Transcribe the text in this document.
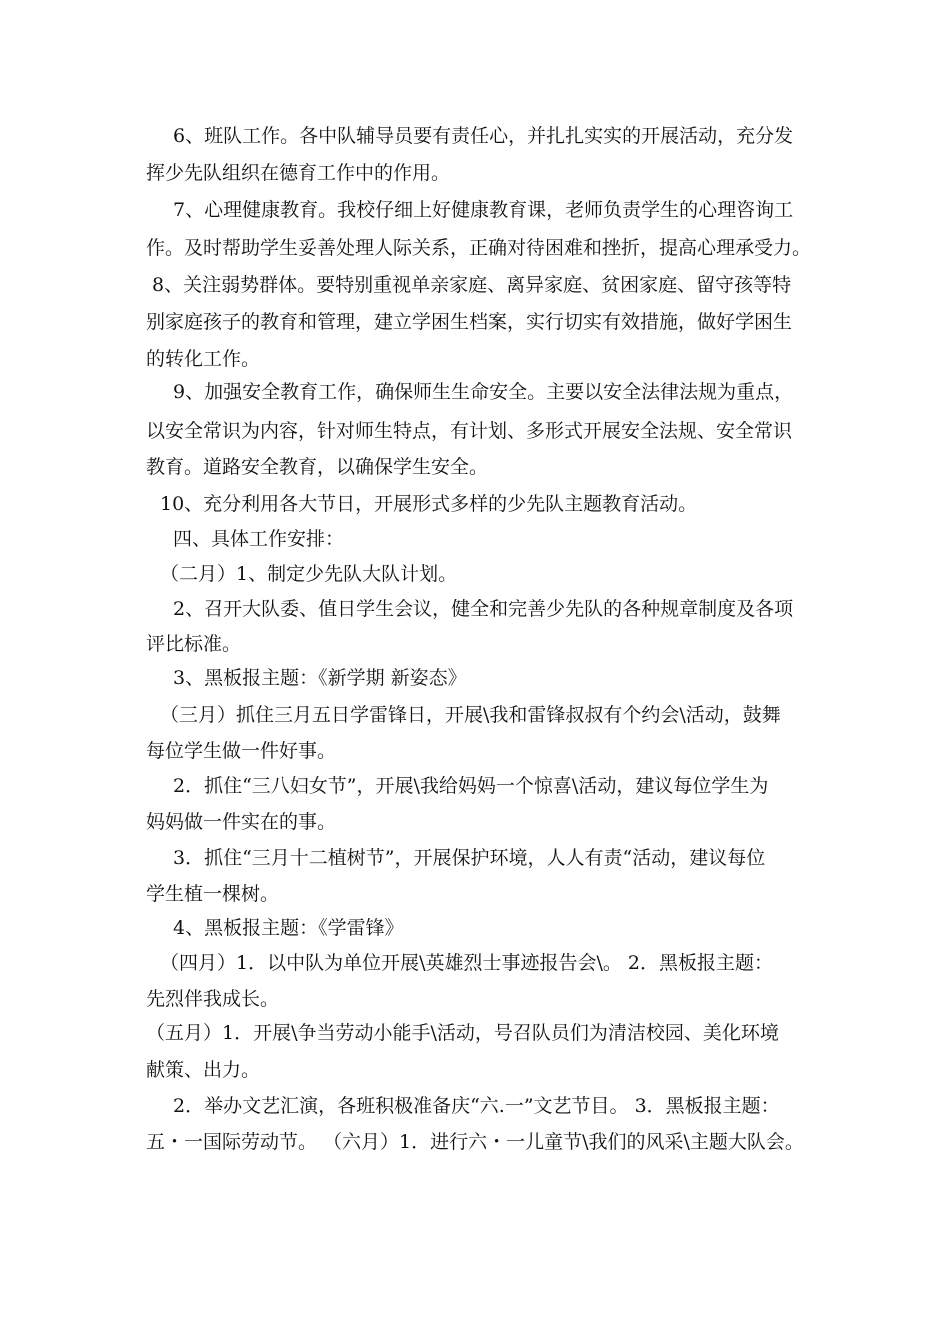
6、班队工作。各中队辅导员要有责任心，并扎扎实实的开展活动，充分发
挥少先队组织在德育工作中的作用。
7、心理健康教育。我校仔细上好健康教育课，老师负责学生的心理咨询工
作。及时帮助学生妥善处理人际关系，正确对待困难和挫折，提高心理承受力。
8、关注弱势群体。要特别重视单亲家庭、离异家庭、贫困家庭、留守孩等特
别家庭孩子的教育和管理，建立学困生档案，实行切实有效措施，做好学困生
的转化工作。
9、加强安全教育工作，确保师生生命安全。主要以安全法律法规为重点，
以安全常识为内容，针对师生特点，有计划、多形式开展安全法规、安全常识
教育。道路安全教育，以确保学生安全。
10、充分利用各大节日，开展形式多样的少先队主题教育活动。
四、具体工作安排：
（二月）1、制定少先队大队计划。
2、召开大队委、值日学生会议，健全和完善少先队的各种规章制度及各项
评比标准。
3、黑板报主题：《新学期 新姿态》
（三月）抓住三月五日学雷锋日，开展\我和雷锋叔叔有个约会\活动，鼓舞
每位学生做一件好事。
2．抓住“三八妇女节”，开展\我给妈妈一个惊喜\活动，建议每位学生为
妈妈做一件实在的事。
3．抓住“三月十二植树节”，开展保护环境，人人有责“活动，建议每位
学生植一棵树。
4、黑板报主题：《学雷锋》
（四月）1．以中队为单位开展\英雄烈士事迹报告会\。 2．黑板报主题：
先烈伴我成长。
（五月）1．开展\争当劳动小能手\活动，号召队员们为清洁校园、美化环境
献策、出力。
2．举办文艺汇演，各班积极准备庆“六.一”文艺节目。 3．黑板报主题：
五・一国际劳动节。 （六月）1．进行六・一儿童节\我们的风采\主题大队会。
